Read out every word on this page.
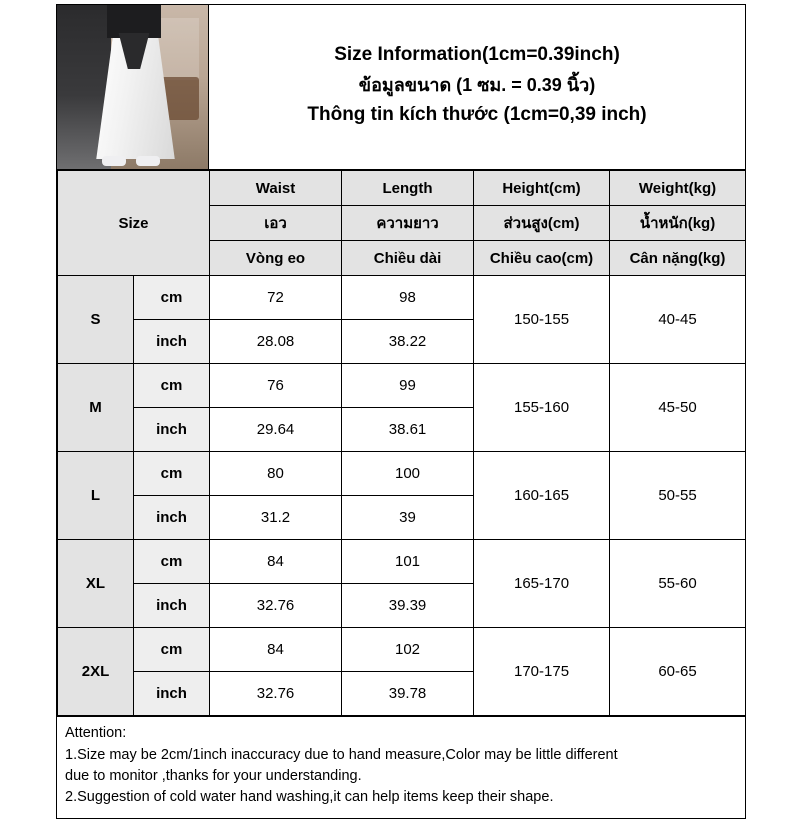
Size Information(1cm=0.39inch)
ข้อมูลขนาด (1 ซม. = 0.39 นิ้ว)
Thông tin kích thước (1cm=0,39 inch)
Size		Waist	Length	Height(cm)	Weight(kg)
		เอว	ความยาว	ส่วนสูง(cm)	น้ำหนัก(kg)
		Vòng eo	Chiều dài	Chiều cao(cm)	Cân nặng(kg)
S	cm	72	98	150-155	40-45
	inch	28.08	38.22		
M	cm	76	99	155-160	45-50
	inch	29.64	38.61		
L	cm	80	100	160-165	50-55
	inch	31.2	39		
XL	cm	84	101	165-170	55-60
	inch	32.76	39.39		
2XL	cm	84	102	170-175	60-65
	inch	32.76	39.78		

Attention:

1.Size may be 2cm/1inch inaccuracy due to hand measure,Color may be little different

due to monitor ,thanks for your understanding.

2.Suggestion of cold water hand washing,it can help items keep their shape.
